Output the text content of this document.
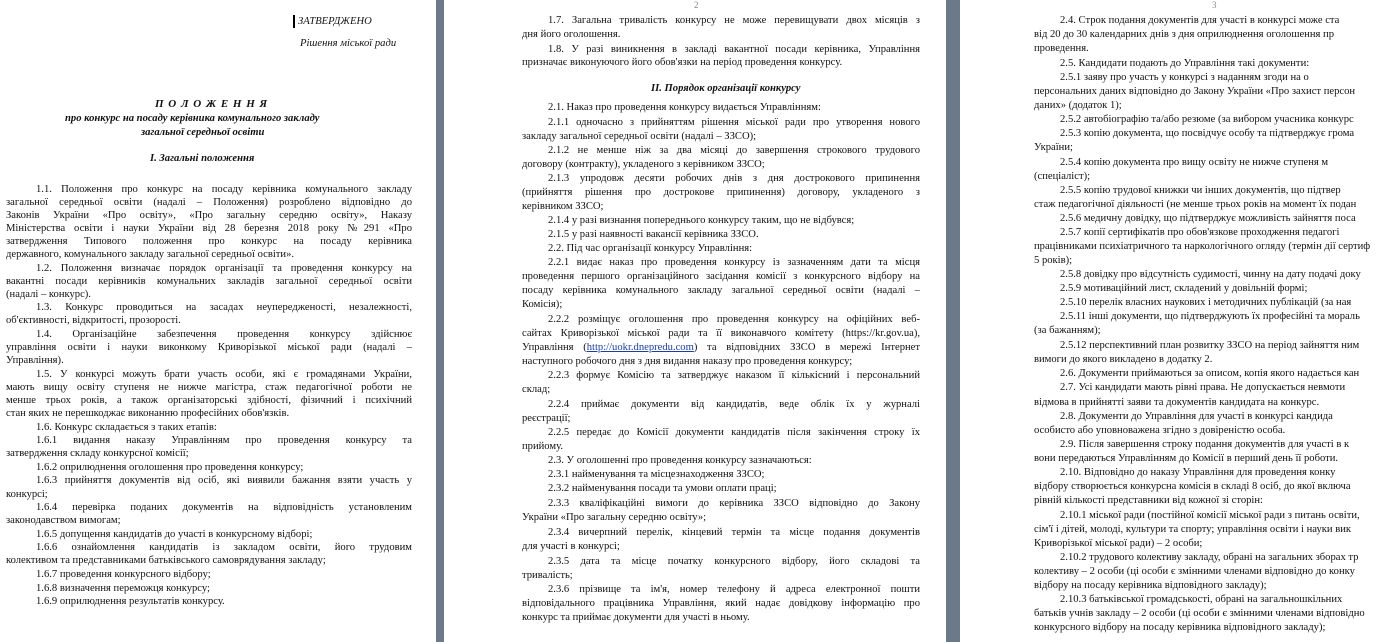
ЗАТВЕРДЖЕНО
Рішення міської ради
П О Л О Ж Е Н Н Я
про конкурс на посаду керівника комунального закладу
загальної середньої освіти
І. Загальні положення
1.1. Положення про конкурс на посаду керівника комунального закладу
загальної середньої освіти (надалі – Положення) розроблено відповідно до
Законів України «Про освіту», «Про загальну середню освіту», Наказу
Міністерства освіти і науки України від 28 березня 2018 року №291 «Про
затвердження Типового положення про конкурс на посаду керівника
державного, комунального закладу загальної середньої освіти».
1.2. Положення визначає порядок організації та проведення конкурсу на
вакантні посади керівників комунальних закладів загальної середньої освіти
(надалі – конкурс).
1.3. Конкурс проводиться на засадах неупередженості, незалежності,
об'єктивності, відкритості, прозорості.
1.4. Організаційне забезпечення проведення конкурсу здійснює
управління освіти і науки виконкому Криворізької міської ради (надалі –
Управління).
1.5. У конкурсі можуть брати участь особи, які є громадянами України,
мають вищу освіту ступеня не нижче магістра, стаж педагогічної роботи не
менше трьох років, а також організаторські здібності, фізичний і психічний
стан яких не перешкоджає виконанню професійних обов'язків.
1.6. Конкурс складається з таких етапів:
1.6.1 видання наказу Управлінням про проведення конкурсу та
затвердження складу конкурсної комісії;
1.6.2 оприлюднення оголошення про проведення конкурсу;
1.6.3 прийняття документів від осіб, які виявили бажання взяти участь у
конкурсі;
1.6.4 перевірка поданих документів на відповідність установленим
законодавством вимогам;
1.6.5 допущення кандидатів до участі в конкурсному відборі;
1.6.6 ознайомлення кандидатів із закладом освіти, його трудовим
колективом та представниками батьківського самоврядування закладу;
1.6.7 проведення конкурсного відбору;
1.6.8 визначення переможця конкурсу;
1.6.9 оприлюднення результатів конкурсу.
2
ІІ. Порядок організації конкурсу
1.7. Загальна тривалість конкурсу не може перевищувати двох місяців з
дня його оголошення.
1.8. У разі виникнення в закладі вакантної посади керівника, Управління
призначає виконуючого його обов'язки на період проведення конкурсу.
2.1. Наказ про проведення конкурсу видається Управлінням:
2.1.1 одночасно з прийняттям рішення міської ради про утворення нового
закладу загальної середньої освіти (надалі – ЗЗСО);
2.1.2 не менше ніж за два місяці до завершення строкового трудового
договору (контракту), укладеного з керівником ЗЗСО;
2.1.3 упродовж десяти робочих днів з дня дострокового припинення
(прийняття рішення про дострокове припинення) договору, укладеного з
керівником ЗЗСО;
2.1.4 у разі визнання попереднього конкурсу таким, що не відбувся;
2.1.5 у разі наявності вакансії керівника ЗЗСО.
2.2. Під час організації конкурсу Управління:
2.2.1 видає наказ про проведення конкурсу із зазначенням дати та місця
проведення першого організаційного засідання комісії з конкурсного відбору на
посаду керівника комунального закладу загальної середньої освіти (надалі –
Комісія);
2.2.2 розміщує оголошення про проведення конкурсу на офіційних веб-
сайтах Криворізької міської ради та її виконавчого комітету (https://kr.gov.ua),
Управління (http://uokr.dnepredu.com) та відповідних ЗЗСО в мережі Інтернет
наступного робочого дня з дня видання наказу про проведення конкурсу;
2.2.3 формує Комісію та затверджує наказом її кількісний і персональний
склад;
2.2.4 приймає документи від кандидатів, веде облік їх у журналі
реєстрації;
2.2.5 передає до Комісії документи кандидатів після закінчення строку їх
прийому.
2.3. У оголошенні про проведення конкурсу зазначаються:
2.3.1 найменування та місцезнаходження ЗЗСО;
2.3.2 найменування посади та умови оплати праці;
2.3.3 кваліфікаційні вимоги до керівника ЗЗСО відповідно до Закону
України «Про загальну середню освіту»;
2.3.4 вичерпний перелік, кінцевий термін та місце подання документів
для участі в конкурсі;
2.3.5 дата та місце початку конкурсного відбору, його складові та
тривалість;
2.3.6 прізвище та ім'я, номер телефону й адреса електронної пошти
відповідального працівника Управління, який надає довідкову інформацію про
конкурс та приймає документи для участі в ньому.
3
2.4. Строк подання документів для участі в конкурсі може ста
від 20 до 30 календарних днів з дня оприлюднення оголошення пр
проведення.
2.5. Кандидати подають до Управління такі документи:
2.5.1 заяву про участь у конкурсі з наданням згоди на о
персональних даних відповідно до Закону України «Про захист персон
даних» (додаток 1);
2.5.2 автобіографію та/або резюме (за вибором учасника конкурс
2.5.3 копію документа, що посвідчує особу та підтверджує грома
України;
2.5.4 копію документа про вищу освіту не нижче ступеня м
(спеціаліст);
2.5.5 копію трудової книжки чи інших документів, що підтвер
стаж педагогічної діяльності (не менше трьох років на момент їх подан
2.5.6 медичну довідку, що підтверджує можливість зайняття поса
2.5.7 копії сертифікатів про обов'язкове проходження педагогі
працівниками психіатричного та наркологічного огляду (термін дії сертиф
5 років);
2.5.8 довідку про відсутність судимості, чинну на дату подачі доку
2.5.9 мотиваційний лист, складений у довільній формі;
2.5.10 перелік власних наукових і методичних публікацій (за ная
2.5.11 інші документи, що підтверджують їх професійні та мораль
(за бажанням);
2.5.12 перспективний план розвитку ЗЗСО на період зайняття ним
вимоги до якого викладено в додатку 2.
2.6. Документи приймаються за описом, копія якого надається кан
2.7. Усі кандидати мають рівні права. Не допускається невмоти
відмова в прийнятті заяви та документів кандидата на конкурс.
2.8. Документи до Управління для участі в конкурсі кандида
особисто або уповноважена згідно з довіреністю особа.
2.9. Після завершення строку подання документів для участі в к
вони передаються Управлінням до Комісії в перший день її роботи.
2.10. Відповідно до наказу Управління для проведення конку
відбору створюється конкурсна комісія в складі 8 осіб, до якої включа
рівній кількості представники від кожної зі сторін:
2.10.1 міської ради (постійної комісії міської ради з питань освіти,
сім'ї і дітей, молоді, культури та спорту; управління освіти і науки вик
Криворізької міської ради) – 2 особи;
2.10.2 трудового колективу закладу, обрані на загальних зборах тр
колективу – 2 особи (ці особи є змінними членами відповідно до конку
відбору на посаду керівника відповідного закладу);
2.10.3 батьківської громадськості, обрані на загальношкільних
батьків учнів закладу – 2 особи (ці особи є змінними членами відповідно
конкурсного відбору на посаду керівника відповідного закладу);
